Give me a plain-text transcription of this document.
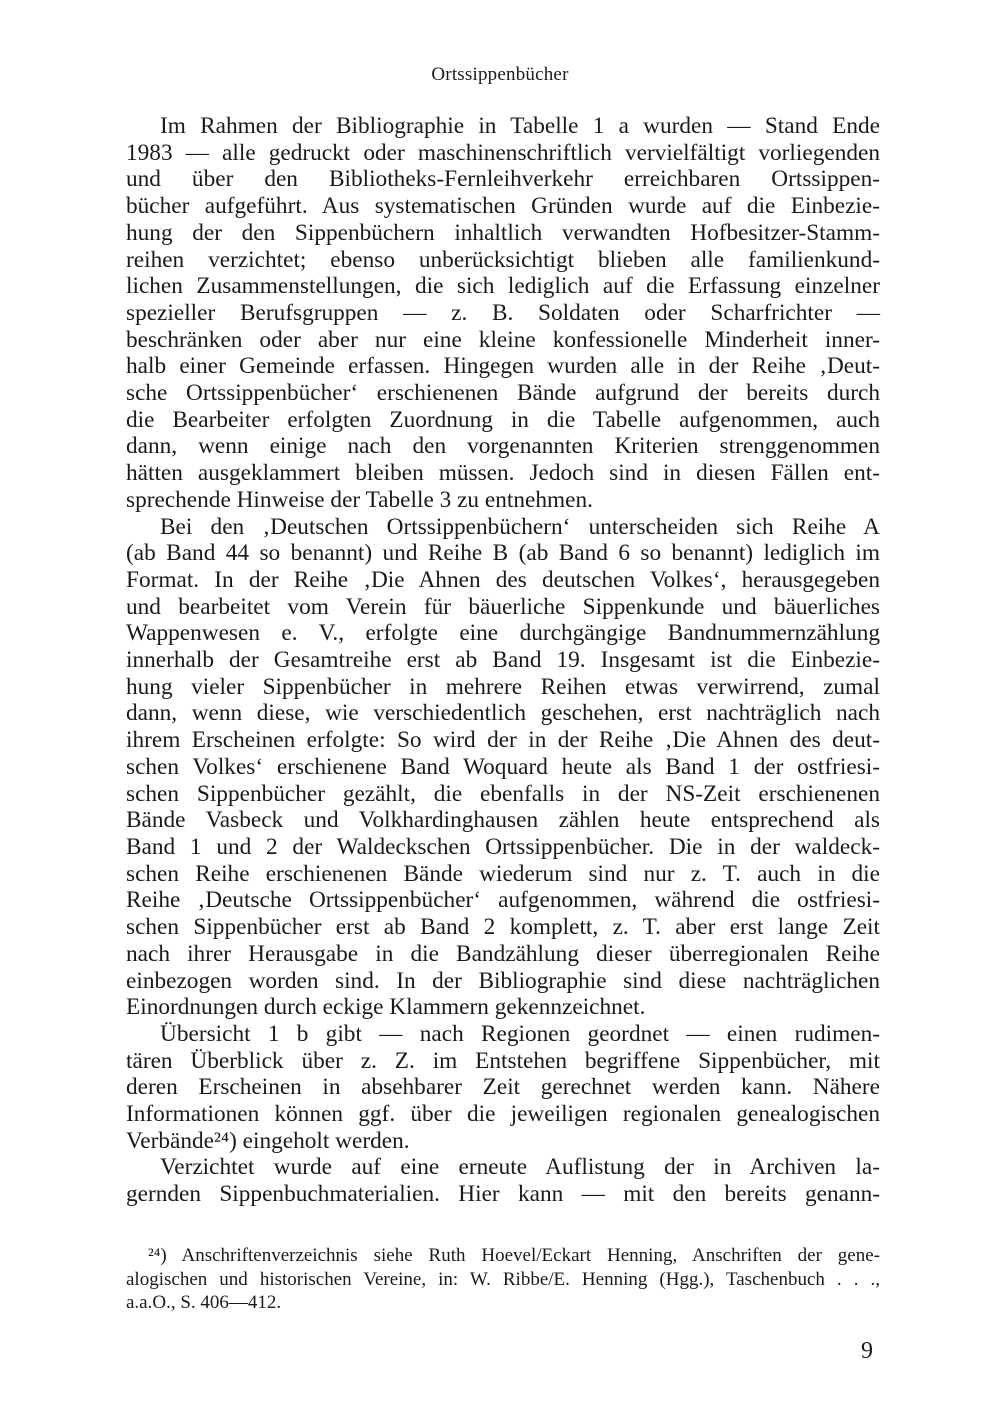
Ortssippenbücher
Im Rahmen der Bibliographie in Tabelle 1 a wurden — Stand Ende
1983 — alle gedruckt oder maschinenschriftlich vervielfältigt vorliegenden
und über den Bibliotheks-Fernleihverkehr erreichbaren Ortssippen-
bücher aufgeführt. Aus systematischen Gründen wurde auf die Einbezie-
hung der den Sippenbüchern inhaltlich verwandten Hofbesitzer-Stamm-
reihen verzichtet; ebenso unberücksichtigt blieben alle familienkund-
lichen Zusammenstellungen, die sich lediglich auf die Erfassung einzelner
spezieller Berufsgruppen — z. B. Soldaten oder Scharfrichter —
beschränken oder aber nur eine kleine konfessionelle Minderheit inner-
halb einer Gemeinde erfassen. Hingegen wurden alle in der Reihe ‚Deut-
sche Ortssippenbücher‘ erschienenen Bände aufgrund der bereits durch
die Bearbeiter erfolgten Zuordnung in die Tabelle aufgenommen, auch
dann, wenn einige nach den vorgenannten Kriterien strenggenommen
hätten ausgeklammert bleiben müssen. Jedoch sind in diesen Fällen ent-
sprechende Hinweise der Tabelle 3 zu entnehmen.
Bei den ‚Deutschen Ortssippenbüchern‘ unterscheiden sich Reihe A
(ab Band 44 so benannt) und Reihe B (ab Band 6 so benannt) lediglich im
Format. In der Reihe ‚Die Ahnen des deutschen Volkes‘, herausgegeben
und bearbeitet vom Verein für bäuerliche Sippenkunde und bäuerliches
Wappenwesen e. V., erfolgte eine durchgängige Bandnummernzählung
innerhalb der Gesamtreihe erst ab Band 19. Insgesamt ist die Einbezie-
hung vieler Sippenbücher in mehrere Reihen etwas verwirrend, zumal
dann, wenn diese, wie verschiedentlich geschehen, erst nachträglich nach
ihrem Erscheinen erfolgte: So wird der in der Reihe ‚Die Ahnen des deut-
schen Volkes‘ erschienene Band Woquard heute als Band 1 der ostfriesi-
schen Sippenbücher gezählt, die ebenfalls in der NS-Zeit erschienenen
Bände Vasbeck und Volkhardinghausen zählen heute entsprechend als
Band 1 und 2 der Waldeckschen Ortssippenbücher. Die in der waldeck-
schen Reihe erschienenen Bände wiederum sind nur z. T. auch in die
Reihe ‚Deutsche Ortssippenbücher‘ aufgenommen, während die ostfriesi-
schen Sippenbücher erst ab Band 2 komplett, z. T. aber erst lange Zeit
nach ihrer Herausgabe in die Bandzählung dieser überregionalen Reihe
einbezogen worden sind. In der Bibliographie sind diese nachträglichen
Einordnungen durch eckige Klammern gekennzeichnet.
Übersicht 1 b gibt — nach Regionen geordnet — einen rudimen-
tären Überblick über z. Z. im Entstehen begriffene Sippenbücher, mit
deren Erscheinen in absehbarer Zeit gerechnet werden kann. Nähere
Informationen können ggf. über die jeweiligen regionalen genealogischen
Verbände²⁴) eingeholt werden.
Verzichtet wurde auf eine erneute Auflistung der in Archiven la-
gernden Sippenbuchmaterialien. Hier kann — mit den bereits genann-
²⁴) Anschriftenverzeichnis siehe Ruth Hoevel/Eckart Henning, Anschriften der gene-
alogischen und historischen Vereine, in: W. Ribbe/E. Henning (Hgg.), Taschenbuch . . .,
a.a.O., S. 406—412.
9
